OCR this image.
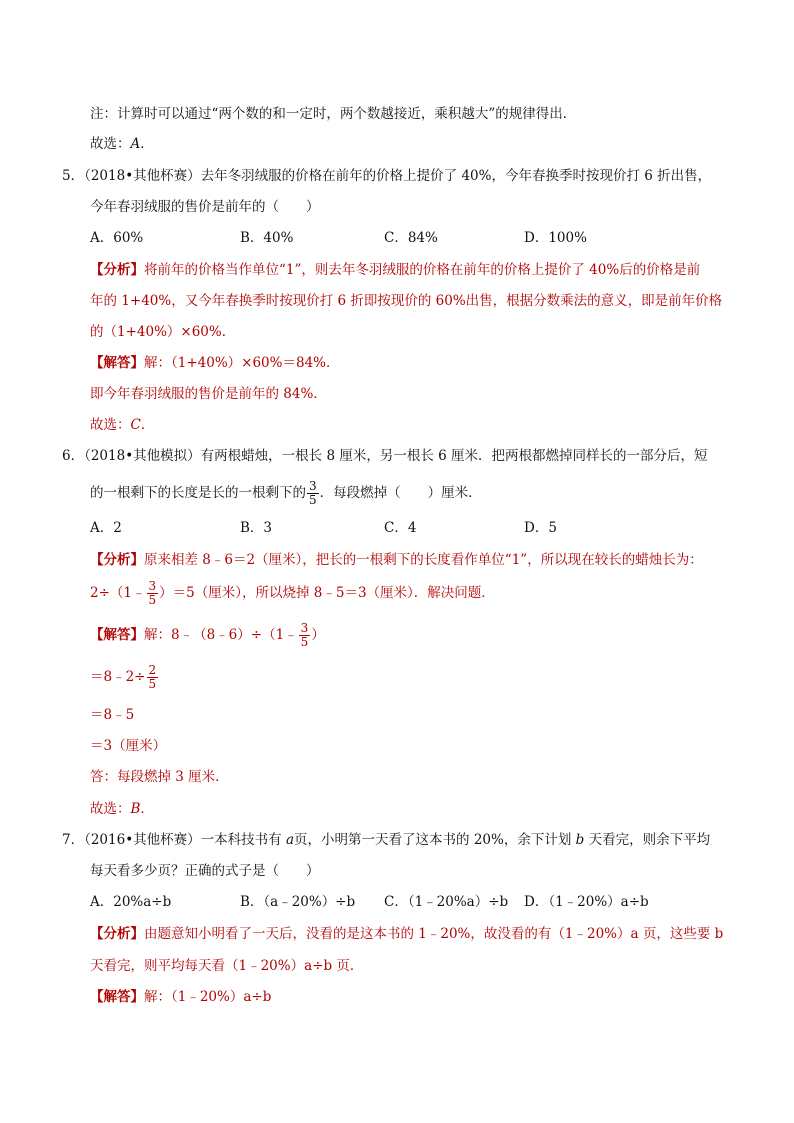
注：计算时可以通过“两个数的和一定时，两个数越接近，乘积越大”的规律得出．
故选：A．
5．（2018•其他杯赛）去年冬羽绒服的价格在前年的价格上提价了 40%，今年春换季时按现价打 6 折出售，
今年春羽绒服的售价是前年的（　　）
A．60%	B．40%	C．84%	D．100%
【分析】将前年的价格当作单位“1”，则去年冬羽绒服的价格在前年的价格上提价了 40%后的价格是前
年的 1+40%，又今年春换季时按现价打 6 折即按现价的 60%出售，根据分数乘法的意义，即是前年价格
的（1+40%）×60%．
【解答】解：（1+40%）×60%＝84%．
即今年春羽绒服的售价是前年的 84%．
故选：C．
6．（2018•其他模拟）有两根蜡烛，一根长 8 厘米，另一根长 6 厘米．把两根都燃掉同样长的一部分后，短
的一根剩下的长度是长的一根剩下的 $\frac{3}{5}$ ．每段燃掉（　　）厘米．
A．2	B．3	C．4	D．5
【分析】原来相差 8﹣6＝2（厘米），把长的一根剩下的长度看作单位“1”，所以现在较长的蜡烛长为：
2÷（1﹣ $\frac{3}{5} )=5$（厘米），所以烧掉 8﹣5＝3（厘米）．解决问题．
【解答】解：8﹣（8﹣6）÷（1﹣ $\frac{3}{5}$ ）
＝8﹣2÷ $\frac{2}{5}$
＝8﹣5
＝3（厘米）
答：每段燃掉 3 厘米．
故选：B．
7．（2016•其他杯赛）一本科技书有 a页，小明第一天看了这本书的 20%，余下计划 b 天看完，则余下平均
每天看多少页？正确的式子是（　　）
A．20%a÷b	B．（a﹣20%）÷b C．（1﹣20%a）÷b D．（1﹣20%）a÷b
【分析】由题意知小明看了一天后，没看的是这本书的 1﹣20%，故没看的有（1﹣20%）a 页，这些要 b
天看完，则平均每天看（1﹣20%）a÷b 页．
【解答】解：（1﹣20%）a÷b
